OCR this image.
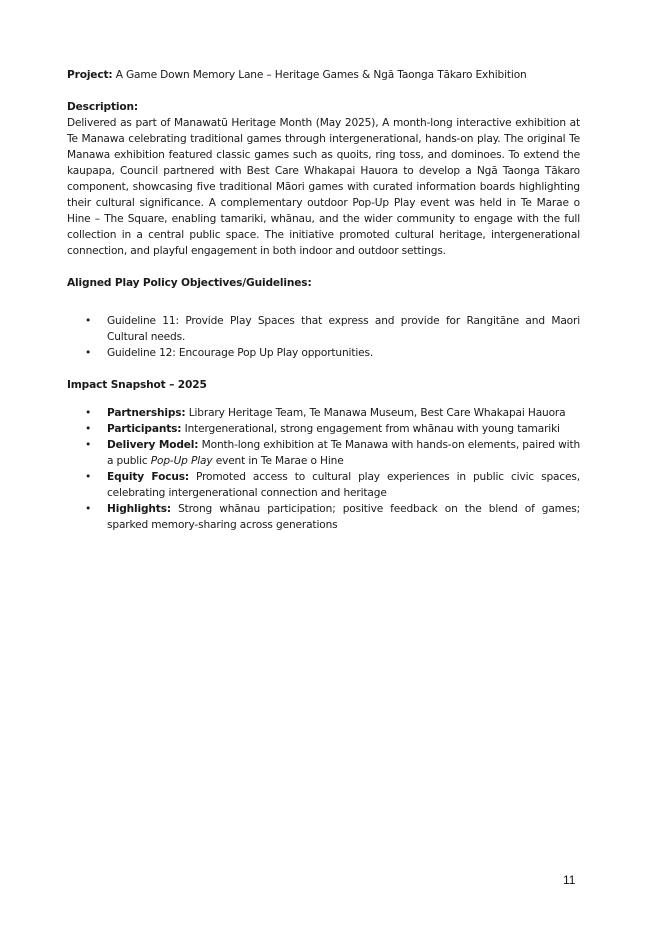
Project: A Game Down Memory Lane – Heritage Games & Ngā Taonga Tākaro Exhibition
Description:

Delivered as part of Manawatū Heritage Month (May 2025), A month-long interactive exhibition at Te Manawa celebrating traditional games through intergenerational, hands-on play. The original Te Manawa exhibition featured classic games such as quoits, ring toss, and dominoes. To extend the kaupapa, Council partnered with Best Care Whakapai Hauora to develop a Ngā Taonga Tākaro component, showcasing five traditional Māori games with curated information boards highlighting their cultural significance. A complementary outdoor Pop-Up Play event was held in Te Marae o Hine – The Square, enabling tamariki, whānau, and the wider community to engage with the full collection in a central public space. The initiative promoted cultural heritage, intergenerational connection, and playful engagement in both indoor and outdoor settings.

Aligned Play Policy Objectives/Guidelines:
•	Guideline 11: Provide Play Spaces that express and provide for Rangitāne and Maori Cultural needs.
•	Guideline 12: Encourage Pop Up Play opportunities.
Impact Snapshot – 2025
•	Partnerships: Library Heritage Team, Te Manawa Museum, Best Care Whakapai Hauora
•	Participants: Intergenerational, strong engagement from whānau with young tamariki
•	Delivery Model: Month-long exhibition at Te Manawa with hands-on elements, paired with a public Pop-Up Play event in Te Marae o Hine
•	Equity Focus: Promoted access to cultural play experiences in public civic spaces, celebrating intergenerational connection and heritage
•	Highlights: Strong whānau participation; positive feedback on the blend of games; sparked memory-sharing across generations
11
